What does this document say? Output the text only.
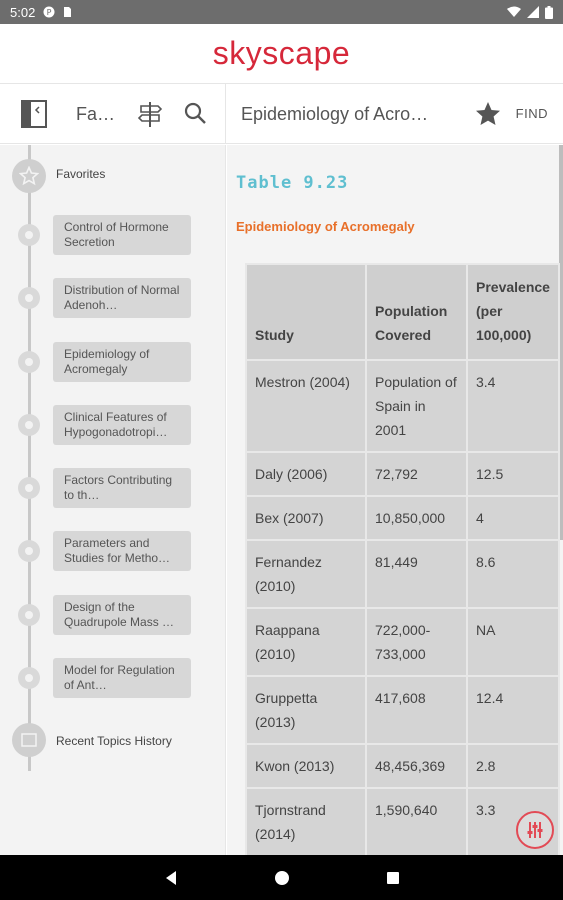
5:02 P
skyscape
Fa…	Epidemiology of Acro…	FIND
Favorites
Control of Hormone Secretion
Distribution of Normal Adenoh…
Epidemiology of Acromegaly
Clinical Features of Hypogonadotropi…
Factors Contributing to th…
Parameters and Studies for Metho…
Design of the Quadrupole Mass …
Model for Regulation of Ant…
Recent Topics History
Table 9.23
Epidemiology of Acromegaly
Study	Population Covered	Prevalence (per 100,000)
Mestron (2004)	Population of Spain in 2001	3.4
Daly (2006)	72,792	12.5
Bex (2007)	10,850,000	4
Fernandez (2010)	81,449	8.6
Raappana (2010)	722,000-733,000	NA
Gruppetta (2013)	417,608	12.4
Kwon (2013)	48,456,369	2.8
Tjornstrand (2014)	1,590,640	3.3
